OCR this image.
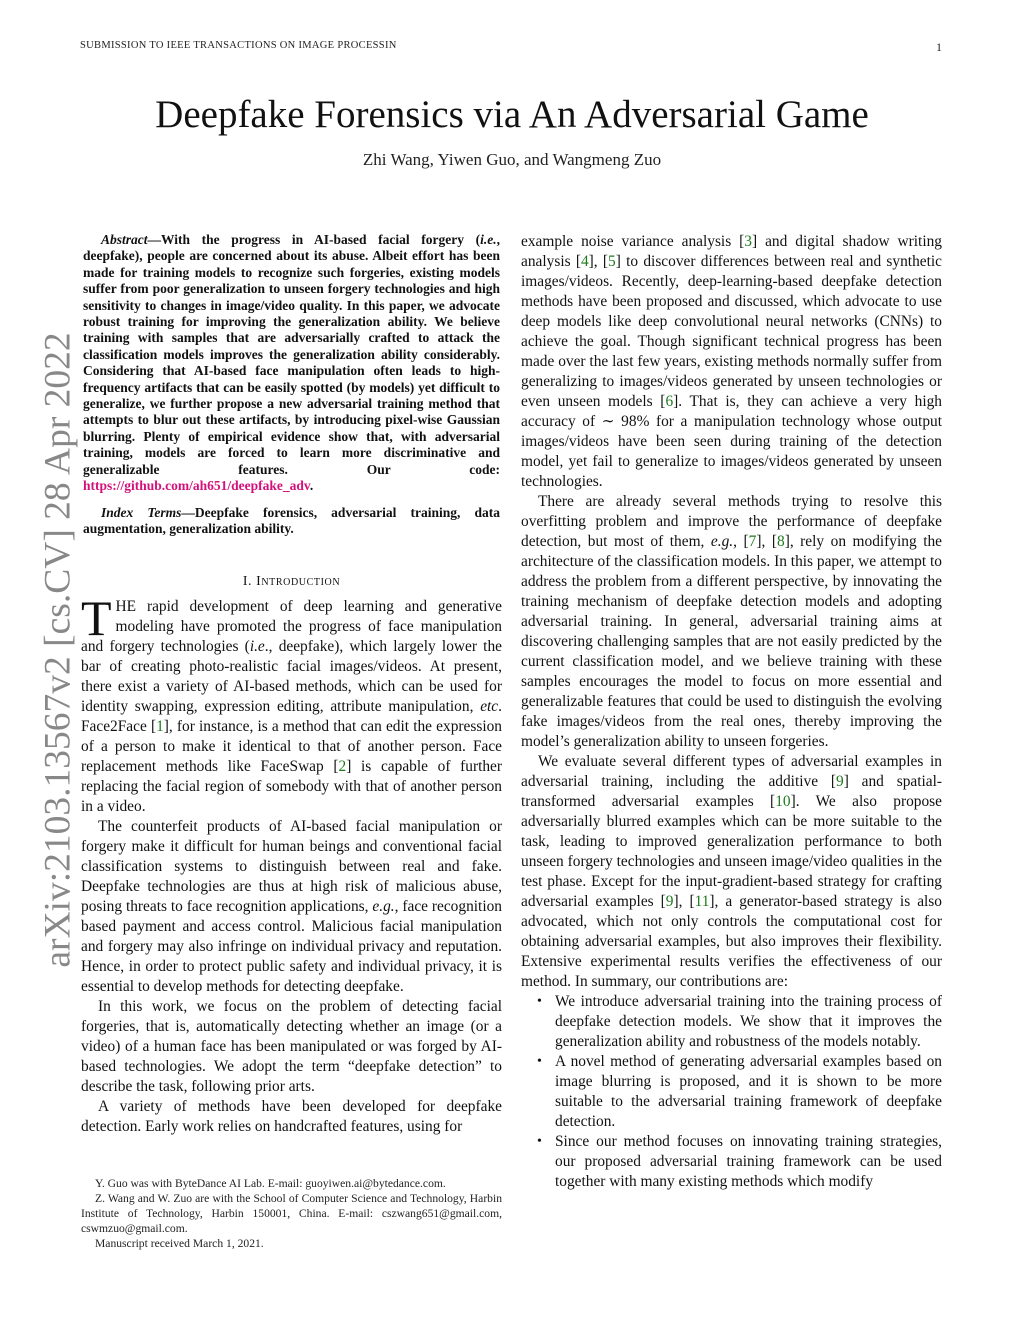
SUBMISSION TO IEEE TRANSACTIONS ON IMAGE PROCESSIN	1
Deepfake Forensics via An Adversarial Game
Zhi Wang, Yiwen Guo, and Wangmeng Zuo
arXiv:2103.13567v2 [cs.CV] 28 Apr 2022

Abstract—With the progress in AI-based facial forgery (i.e., deepfake), people are concerned about its abuse. Albeit effort has been made for training models to recognize such forgeries, existing models suffer from poor generalization to unseen forgery technologies and high sensitivity to changes in image/video quality. In this paper, we advocate robust training for improving the generalization ability. We believe training with samples that are adversarially crafted to attack the classification models improves the generalization ability considerably. Considering that AI-based face manipulation often leads to high-frequency artifacts that can be easily spotted (by models) yet difficult to generalize, we further propose a new adversarial training method that attempts to blur out these artifacts, by introducing pixel-wise Gaussian blurring. Plenty of empirical evidence show that, with adversarial training, models are forced to learn more discriminative and generalizable features. Our code: https://github.com/ah651/deepfake_adv.

Index Terms—Deepfake forensics, adversarial training, data augmentation, generalization ability.

I. Introduction

THE rapid development of deep learning and generative modeling have promoted the progress of face manipulation and forgery technologies (i.e., deepfake), which largely lower the bar of creating photo-realistic facial images/videos. At present, there exist a variety of AI-based methods, which can be used for identity swapping, expression editing, attribute manipulation, etc. Face2Face [1], for instance, is a method that can edit the expression of a person to make it identical to that of another person. Face replacement methods like FaceSwap [2] is capable of further replacing the facial region of somebody with that of another person in a video.

The counterfeit products of AI-based facial manipulation or forgery make it difficult for human beings and conventional facial classification systems to distinguish between real and fake. Deepfake technologies are thus at high risk of malicious abuse, posing threats to face recognition applications, e.g., face recognition based payment and access control. Malicious facial manipulation and forgery may also infringe on individual privacy and reputation. Hence, in order to protect public safety and individual privacy, it is essential to develop methods for detecting deepfake.

In this work, we focus on the problem of detecting facial forgeries, that is, automatically detecting whether an image (or a video) of a human face has been manipulated or was forged by AI-based technologies. We adopt the term “deepfake detection” to describe the task, following prior arts.

A variety of methods have been developed for deepfake detection. Early work relies on handcrafted features, using for

Y. Guo was with ByteDance AI Lab. E-mail: guoyiwen.ai@bytedance.com.

Z. Wang and W. Zuo are with the School of Computer Science and Technology, Harbin Institute of Technology, Harbin 150001, China. E-mail: cszwang651@gmail.com, cswmzuo@gmail.com.

Manuscript received March 1, 2021.

example noise variance analysis [3] and digital shadow writing analysis [4], [5] to discover differences between real and synthetic images/videos. Recently, deep-learning-based deepfake detection methods have been proposed and discussed, which advocate to use deep models like deep convolutional neural networks (CNNs) to achieve the goal. Though significant technical progress has been made over the last few years, existing methods normally suffer from generalizing to images/videos generated by unseen technologies or even unseen models [6]. That is, they can achieve a very high accuracy of ∼ 98% for a manipulation technology whose output images/videos have been seen during training of the detection model, yet fail to generalize to images/videos generated by unseen technologies.

There are already several methods trying to resolve this overfitting problem and improve the performance of deepfake detection, but most of them, e.g., [7], [8], rely on modifying the architecture of the classification models. In this paper, we attempt to address the problem from a different perspective, by innovating the training mechanism of deepfake detection models and adopting adversarial training. In general, adversarial training aims at discovering challenging samples that are not easily predicted by the current classification model, and we believe training with these samples encourages the model to focus on more essential and generalizable features that could be used to distinguish the evolving fake images/videos from the real ones, thereby improving the model’s generalization ability to unseen forgeries.

We evaluate several different types of adversarial examples in adversarial training, including the additive [9] and spatial-transformed adversarial examples [10]. We also propose adversarially blurred examples which can be more suitable to the task, leading to improved generalization performance to both unseen forgery technologies and unseen image/video qualities in the test phase. Except for the input-gradient-based strategy for crafting adversarial examples [9], [11], a generator-based strategy is also advocated, which not only controls the computational cost for obtaining adversarial examples, but also improves their flexibility. Extensive experimental results verifies the effectiveness of our method. In summary, our contributions are:

• We introduce adversarial training into the training process of deepfake detection models. We show that it improves the generalization ability and robustness of the models notably.
• A novel method of generating adversarial examples based on image blurring is proposed, and it is shown to be more suitable to the adversarial training framework of deepfake detection.
• Since our method focuses on innovating training strategies, our proposed adversarial training framework can be used together with many existing methods which modify
